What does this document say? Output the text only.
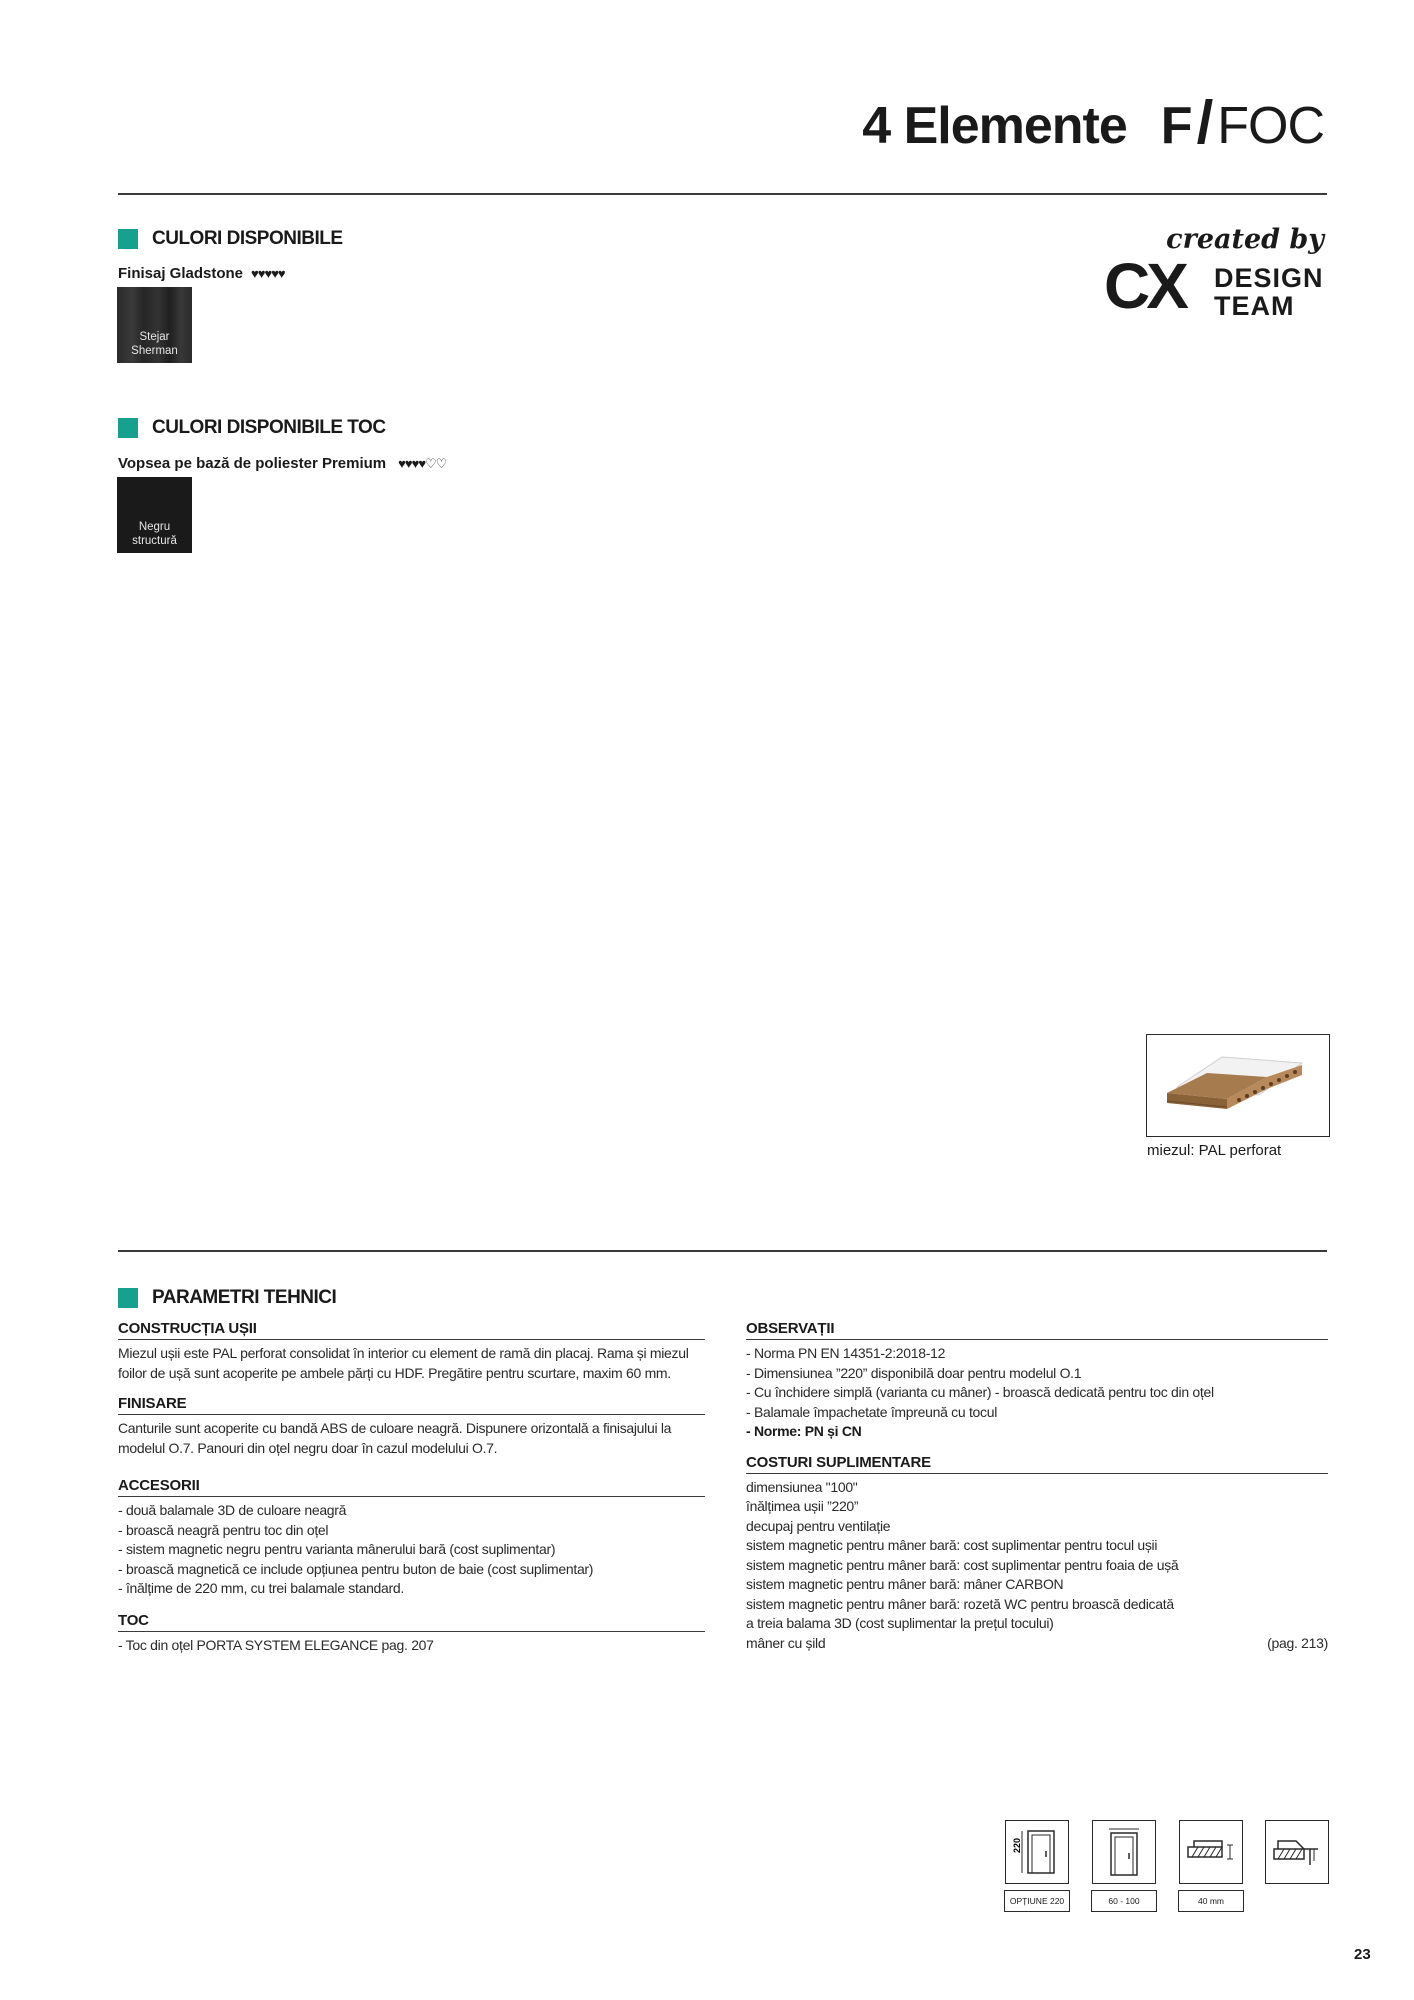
4 Elemente F / FOC
created by
CX DESIGN
TEAM
CULORI DISPONIBILE
Finisaj Gladstone ♥♥♥♥♥
Stejar
Sherman
CULORI DISPONIBILE TOC
Vopsea pe bază de poliester Premium ♥♥♥♥♡♡
Negru
structură
miezul: PAL perforat
PARAMETRI TEHNICI
CONSTRUCȚIA UȘII
Miezul ușii este PAL perforat consolidat în interior cu element de ramă din placaj. Rama și miezul foilor de ușă sunt acoperite pe ambele părți cu HDF. Pregătire pentru scurtare, maxim 60 mm.
FINISARE
Canturile sunt acoperite cu bandă ABS de culoare neagră. Dispunere orizontală a finisajului la modelul O.7. Panouri din oțel negru doar în cazul modelului O.7.
ACCESORII
- două balamale 3D de culoare neagră
- broască neagră pentru toc din oțel
- sistem magnetic negru pentru varianta mânerului bară (cost suplimentar)
- broască magnetică ce include opțiunea pentru buton de baie (cost suplimentar)
- înălțime de 220 mm, cu trei balamale standard.
TOC
- Toc din oțel PORTA SYSTEM ELEGANCE pag. 207
OBSERVAȚII
- Norma PN EN 14351-2:2018-12
- Dimensiunea ”220” disponibilă doar pentru modelul O.1
- Cu închidere simplă (varianta cu mâner) - broască dedicată pentru toc din oțel
- Balamale împachetate împreună cu tocul
- Norme: PN și CN
COSTURI SUPLIMENTARE
dimensiunea "100"
înălțimea ușii ”220”
decupaj pentru ventilație
sistem magnetic pentru mâner bară: cost suplimentar pentru tocul ușii
sistem magnetic pentru mâner bară: cost suplimentar pentru foaia de ușă
sistem magnetic pentru mâner bară: mâner CARBON
sistem magnetic pentru mâner bară: rozetă WC pentru broască dedicată
a treia balama 3D (cost suplimentar la prețul tocului)
mâner cu șild	(pag. 213)
220
OPȚIUNE 220	60 - 100	40 mm
23
